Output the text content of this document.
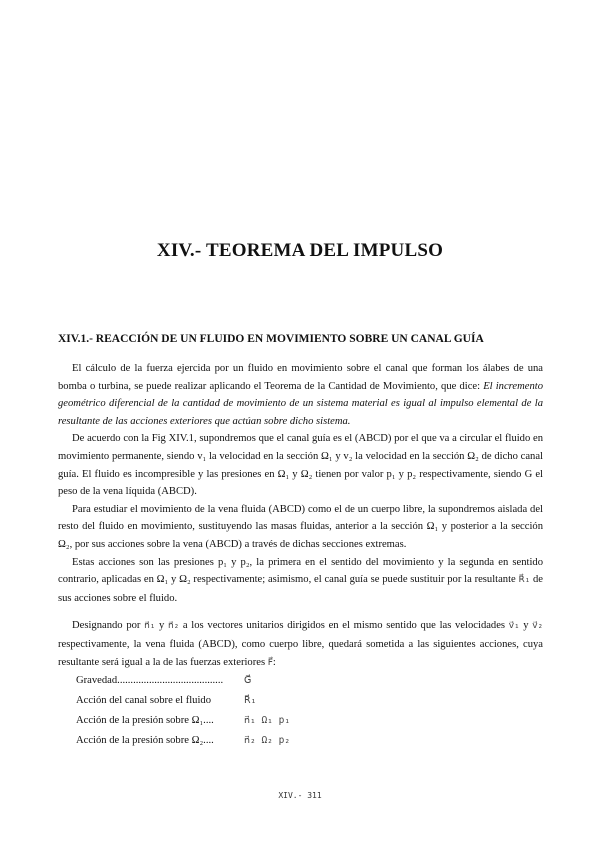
XIV.- TEOREMA DEL IMPULSO
XIV.1.- REACCIÓN DE UN FLUIDO EN MOVIMIENTO SOBRE UN CANAL GUÍA

El cálculo de la fuerza ejercida por un fluido en movimiento sobre el canal que forman los álabes de una bomba o turbina, se puede realizar aplicando el Teorema de la Cantidad de Movimiento, que dice: El incremento geométrico diferencial de la cantidad de movimiento de un sistema material es igual al impulso elemental de la resultante de las acciones exteriores que actúan sobre dicho sistema.

De acuerdo con la Fig XIV.1, supondremos que el canal guía es el (ABCD) por el que va a circular el fluido en movimiento permanente, siendo v₁ la velocidad en la sección Ω₁ y v₂ la velocidad en la sección Ω₂ de dicho canal guía. El fluido es incompresible y las presiones en Ω₁ y Ω₂ tienen por valor p₁ y p₂ respectivamente, siendo G el peso de la vena líquida (ABCD).

Para estudiar el movimiento de la vena fluida (ABCD) como el de un cuerpo libre, la supondremos aislada del resto del fluido en movimiento, sustituyendo las masas fluidas, anterior a la sección Ω₁ y posterior a la sección Ω₂, por sus acciones sobre la vena (ABCD) a través de dichas secciones extremas.

Estas acciones son las presiones p₁ y p₂, la primera en el sentido del movimiento y la segunda en sentido contrario, aplicadas en Ω₁ y Ω₂ respectivamente; asimismo, el canal guía se puede sustituir por la resultante R⃗₁ de sus acciones sobre el fluido.

Designando por n⃗₁ y n⃗₂ a los vectores unitarios dirigidos en el mismo sentido que las velocidades v⃗₁ y v⃗₂ respectivamente, la vena fluida (ABCD), como cuerpo libre, quedará sometida a las siguientes acciones, cuya resultante será igual a la de las fuerzas exteriores F⃗:

Gravedad........................................	G⃗
Acción del canal sobre el fluido	R⃗₁
Acción de la presión sobre Ω₁....	n⃗₁ Ω₁ p₁
Acción de la presión sobre Ω₂....	n⃗₂ Ω₂ p₂
XIV.- 311
